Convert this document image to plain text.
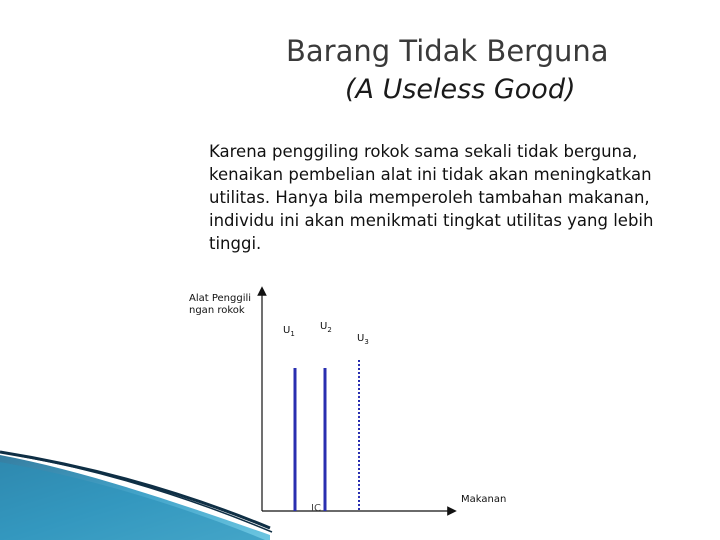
Barang Tidak Berguna
(A Useless Good)

Karena penggiling rokok sama sekali tidak berguna, kenaikan pembelian alat ini tidak akan meningkatkan utilitas. Hanya bila memperoleh tambahan makanan, individu ini akan menikmati tingkat utilitas yang lebih tinggi.

Alat Penggili ngan rokok
$U_1$
$U_2$
$U_3$
Makanan
IC
